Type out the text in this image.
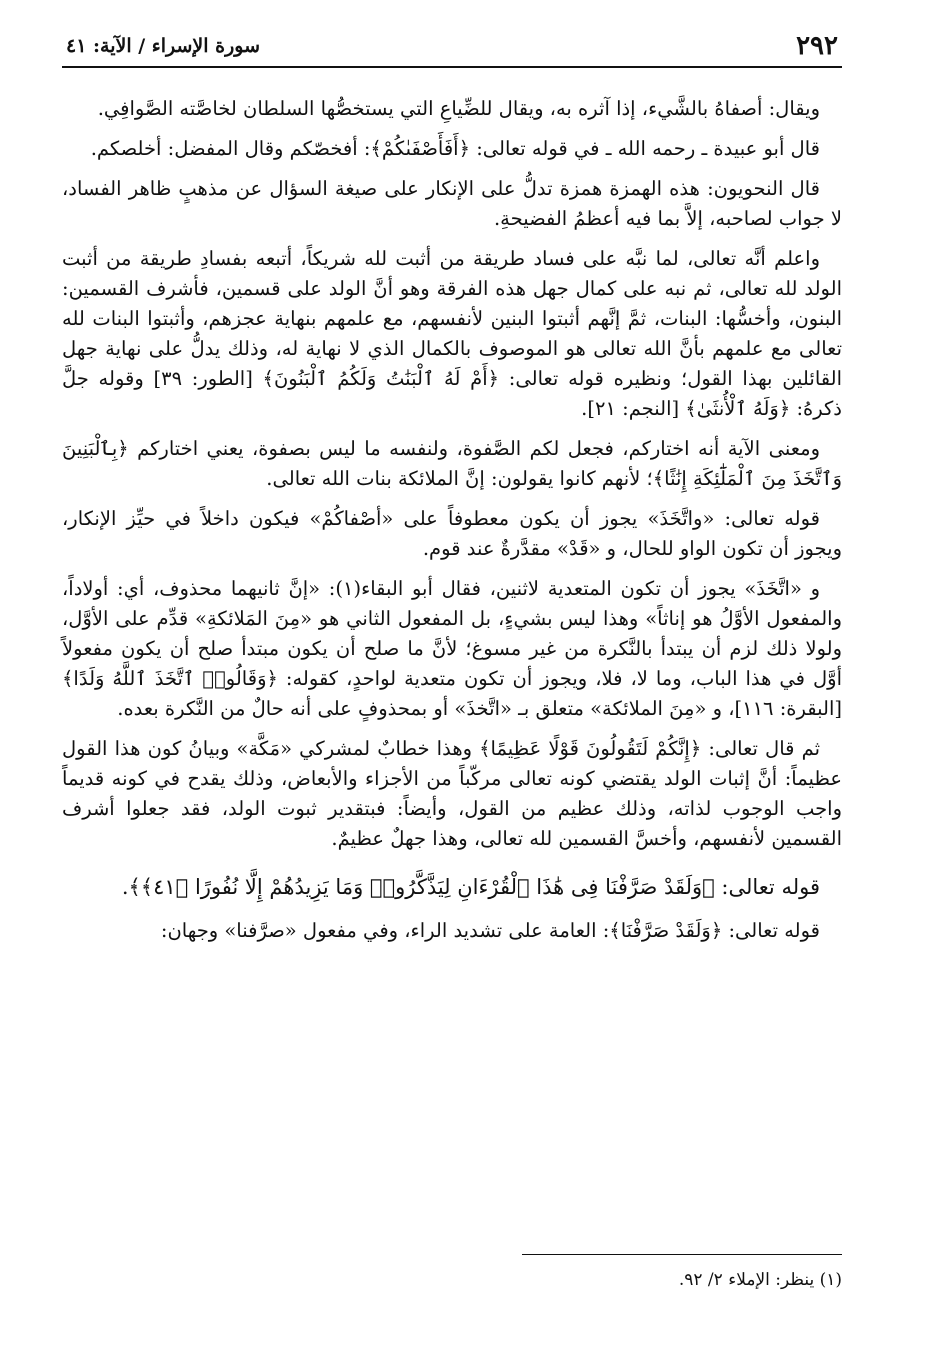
٢٩٢
سورة الإسراء / الآية: ٤١

ويقال: أصفاهُ بالشَّيء، إذا آثره به، ويقال للضِّياعِ التي يستخصُّها السلطان لخاصَّته الصَّوافِي.

قال أبو عبيدة ـ رحمه الله ـ في قوله تعالى: ﴿أَفَأَصْفَىٰكُمْ﴾: أفخصّكم وقال المفضل: أخلصكم.

قال النحويون: هذه الهمزة همزة تدلُّ على الإنكار على صيغة السؤال عن مذهبٍ ظاهر الفساد، لا جواب لصاحبه، إلاَّ بما فيه أعظمُ الفضيحةِ.

واعلم أنَّه تعالى، لما نبَّه على فساد طريقة من أثبت لله شريكاً، أتبعه بفسادِ طريقة من أثبت الولد لله تعالى، ثم نبه على كمال جهل هذه الفرقة وهو أنَّ الولد على قسمين، فأشرف القسمين: البنون، وأخسُّها: البنات، ثمَّ إنَّهم أثبتوا البنين لأنفسهم، مع علمهم بنهاية عجزهم، وأثبتوا البنات لله تعالى مع علمهم بأنَّ الله تعالى هو الموصوف بالكمال الذي لا نهاية له، وذلك يدلُّ على نهاية جهل القائلين بهذا القول؛ ونظيره قوله تعالى: ﴿أَمْ لَهُ ٱلْبَنَٰتُ وَلَكُمُ ٱلْبَنُونَ﴾ [الطور: ٣٩] وقوله جلَّ ذكرهُ: ﴿وَلَهُ ٱلْأُنثَىٰ﴾ [النجم: ٢١].

ومعنى الآية أنه اختاركم، فجعل لكم الصَّفوة، ولنفسه ما ليس بصفوة، يعني اختاركم ﴿بِٱلْبَنِينَ وَٱتَّخَذَ مِنَ ٱلْمَلَٰٓئِكَةِ إِنَٰثًا﴾؛ لأنهم كانوا يقولون: إنَّ الملائكة بنات الله تعالى.

قوله تعالى: «واتَّخَذَ» يجوز أن يكون معطوفاً على «أصْفاكُمْ» فيكون داخلاً في حيِّز الإنكار، ويجوز أن تكون الواو للحال، و «قَدْ» مقدَّرةٌ عند قوم.

و «اتَّخَذَ» يجوز أن تكون المتعدية لاثنين، فقال أبو البقاء(١): «إنَّ ثانيهما محذوف، أي: أولاداً، والمفعول الأوَّلُ هو إناثاً» وهذا ليس بشيءٍ، بل المفعول الثاني هو «مِنَ المَلائكةِ» قدِّم على الأوَّل، ولولا ذلك لزم أن يبتدأ بالنَّكرة من غير مسوغ؛ لأنَّ ما صلح أن يكون مبتدأ صلح أن يكون مفعولاً أوَّل في هذا الباب، وما لا، فلا، ويجوز أن تكون متعدية لواحدٍ، كقوله: ﴿وَقَالُوا۟ ٱتَّخَذَ ٱللَّهُ وَلَدًا﴾ [البقرة: ١١٦]، و «مِنَ الملائكة» متعلق بـ «اتَّخذَ» أو بمحذوفٍ على أنه حالٌ من النَّكرة بعده.

ثم قال تعالى: ﴿إِنَّكُمْ لَتَقُولُونَ قَوْلًا عَظِيمًا﴾ وهذا خطابٌ لمشركي «مَكَّة» وبيانُ كون هذا القول عظيماً: أنَّ إثبات الولد يقتضي كونه تعالى مركّباً من الأجزاء والأبعاض، وذلك يقدح في كونه قديماً واجب الوجوب لذاته، وذلك عظيم من القول، وأيضاً: فبتقدير ثبوت الولد، فقد جعلوا أشرف القسمين لأنفسهم، وأخسَّ القسمين لله تعالى، وهذا جهلٌ عظيمٌ.

قوله تعالى: ﴿وَلَقَدْ صَرَّفْنَا فِى هَٰذَا ٱلْقُرْءَانِ لِيَذَّكَّرُوا۟ وَمَا يَزِيدُهُمْ إِلَّا نُفُورًا ﴿٤١﴾﴾.

قوله تعالى: ﴿وَلَقَدْ صَرَّفْنَا﴾: العامة على تشديد الراء، وفي مفعول «صرَّفنا» وجهان:

(١) ينظر: الإملاء ٢/ ٩٢.
